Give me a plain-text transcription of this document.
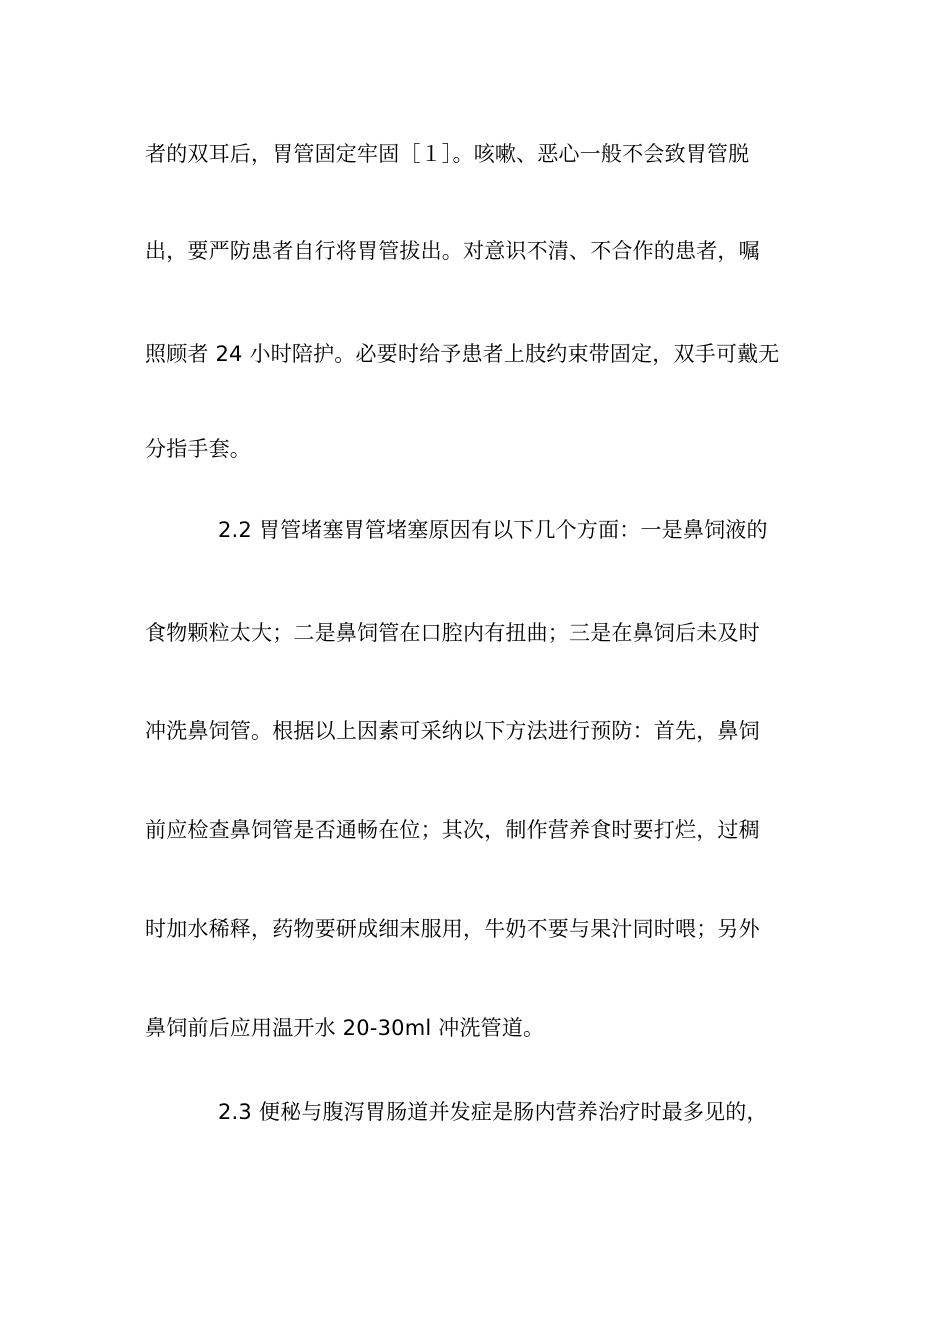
者的双耳后，胃管固定牢固［１］。咳嗽、恶心一般不会致胃管脱
出，要严防患者自行将胃管拔出。对意识不清、不合作的患者，嘱
照顾者 24 小时陪护。必要时给予患者上肢约束带固定，双手可戴无
分指手套。
2.2 胃管堵塞胃管堵塞原因有以下几个方面：一是鼻饲液的
食物颗粒太大；二是鼻饲管在口腔内有扭曲；三是在鼻饲后未及时
冲洗鼻饲管。根据以上因素可采纳以下方法进行预防：首先，鼻饲
前应检查鼻饲管是否通畅在位；其次，制作营养食时要打烂，过稠
时加水稀释，药物要研成细末服用，牛奶不要与果汁同时喂；另外
鼻饲前后应用温开水 20-30ml 冲洗管道。
2.3 便秘与腹泻胃肠道并发症是肠内营养治疗时最多见的，
